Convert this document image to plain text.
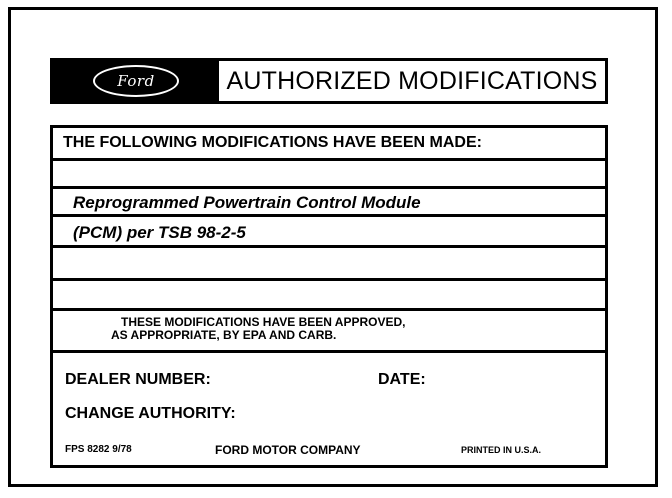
Ford	AUTHORIZED MODIFICATIONS
THE FOLLOWING MODIFICATIONS HAVE BEEN MADE:
Reprogrammed Powertrain Control Module
(PCM) per TSB 98-2-5
THESE MODIFICATIONS HAVE BEEN APPROVED,
AS APPROPRIATE, BY EPA AND CARB.
DEALER NUMBER:	DATE:
CHANGE AUTHORITY:
FPS 8282 9/78	FORD MOTOR COMPANY	PRINTED IN U.S.A.
